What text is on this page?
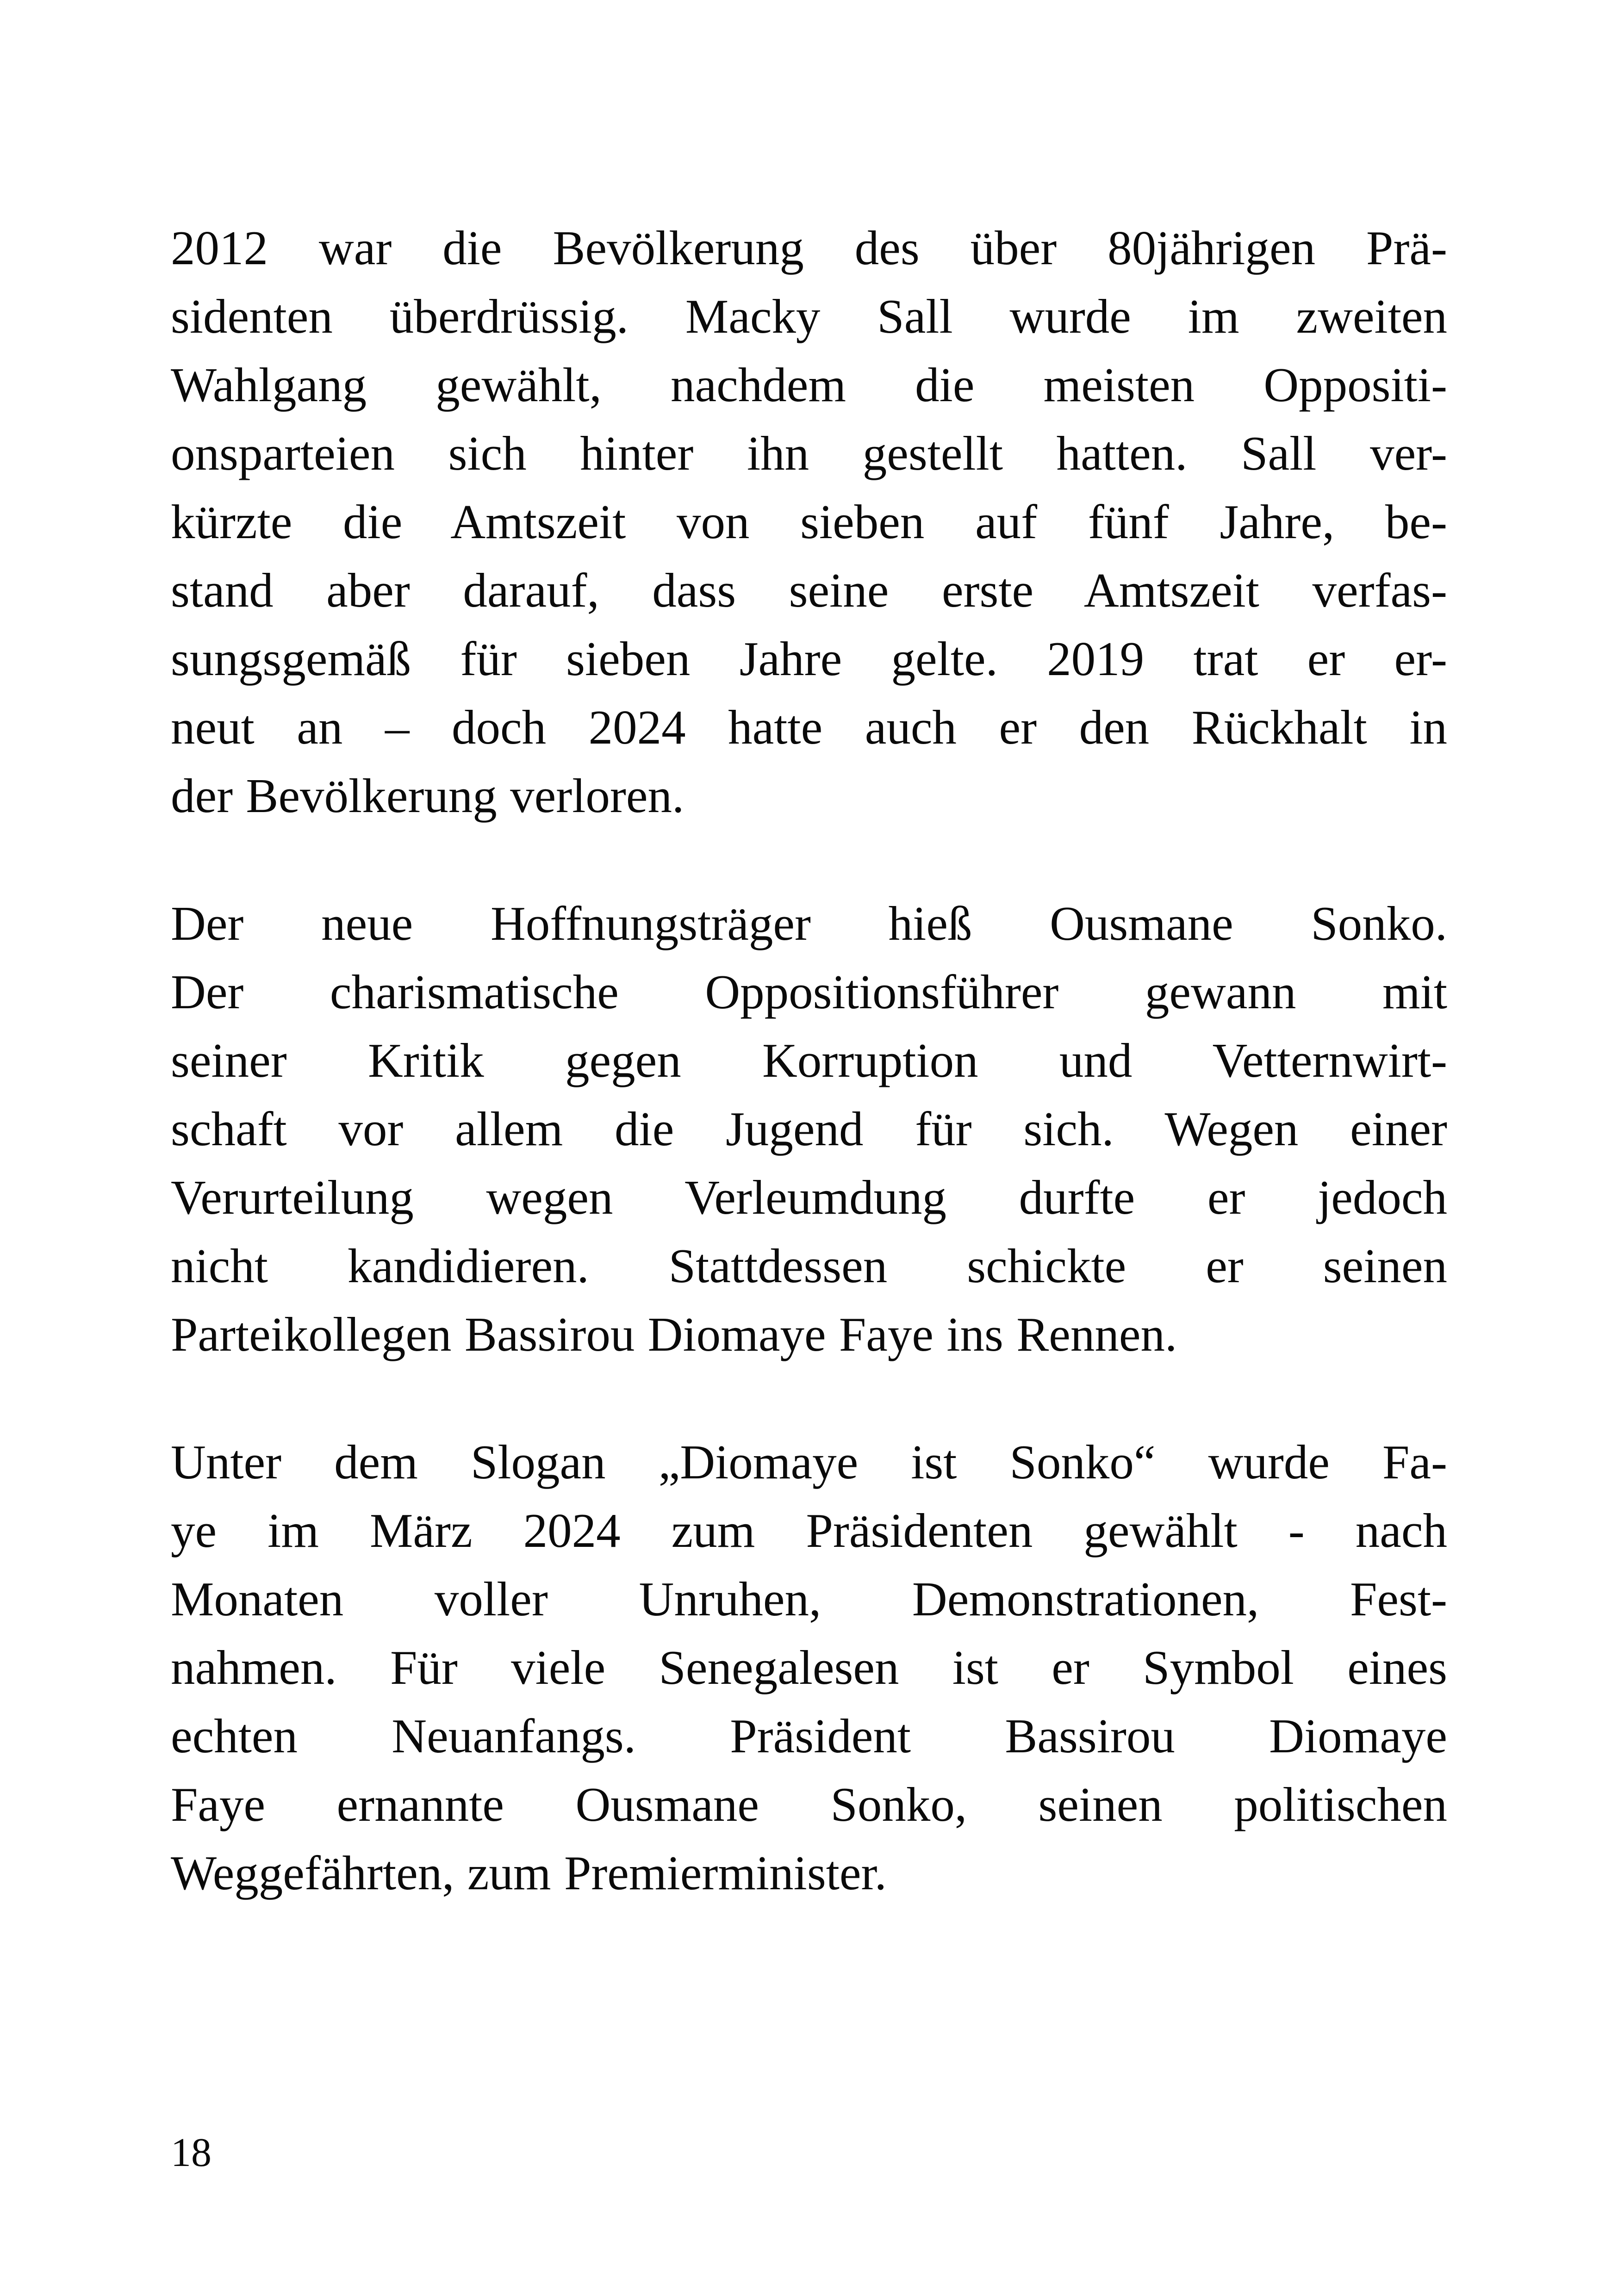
2012 war die Bevölkerung des über 80jährigen Prä-
sidenten überdrüssig. Macky Sall wurde im zweiten
Wahlgang gewählt, nachdem die meisten Oppositi-
onsparteien sich hinter ihn gestellt hatten. Sall ver-
kürzte die Amtszeit von sieben auf fünf Jahre, be-
stand aber darauf, dass seine erste Amtszeit verfas-
sungsgemäß für sieben Jahre gelte. 2019 trat er er-
neut an – doch 2024 hatte auch er den Rückhalt in
der Bevölkerung verloren.
Der neue Hoffnungsträger hieß Ousmane Sonko.
Der charismatische Oppositionsführer gewann mit
seiner Kritik gegen Korruption und Vetternwirt-
schaft vor allem die Jugend für sich. Wegen einer
Verurteilung wegen Verleumdung durfte er jedoch
nicht kandidieren. Stattdessen schickte er seinen
Parteikollegen Bassirou Diomaye Faye ins Rennen.
Unter dem Slogan „Diomaye ist Sonko“ wurde Fa-
ye im März 2024 zum Präsidenten gewählt - nach
Monaten voller Unruhen, Demonstrationen, Fest-
nahmen. Für viele Senegalesen ist er Symbol eines
echten Neuanfangs. Präsident Bassirou Diomaye
Faye ernannte Ousmane Sonko, seinen politischen
Weggefährten, zum Premierminister.
18
